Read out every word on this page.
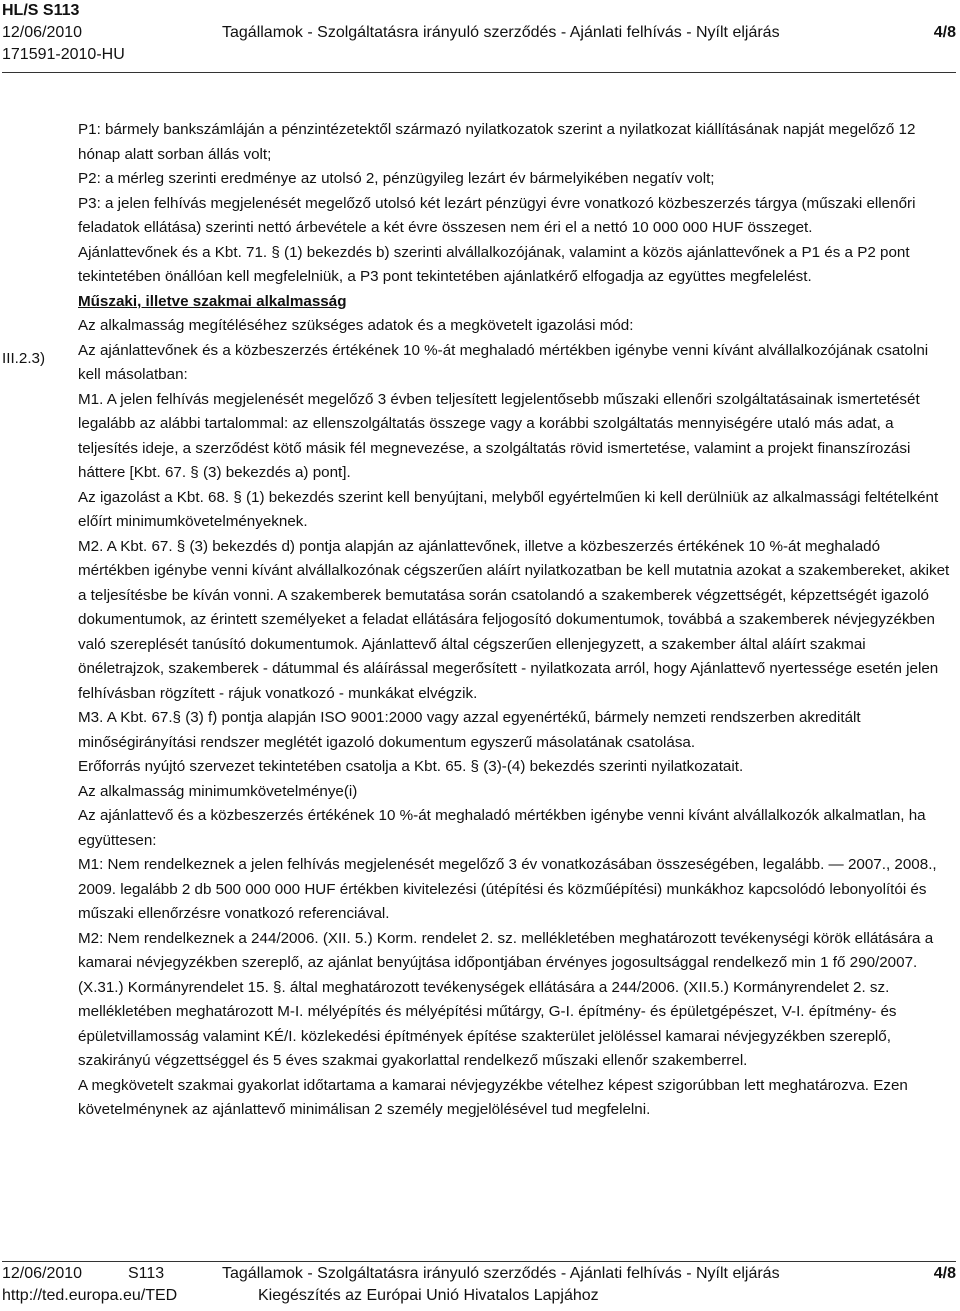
HL/S S113
12/06/2010	Tagállamok - Szolgáltatásra irányuló szerződés - Ajánlati felhívás - Nyílt eljárás	4/8
171591-2010-HU
III.2.3)

P1: bármely bankszámláján a pénzintézetektől származó nyilatkozatok szerint a nyilatkozat kiállításának napját megelőző 12 hónap alatt sorban állás volt;

P2: a mérleg szerinti eredménye az utolsó 2, pénzügyileg lezárt év bármelyikében negatív volt;

P3: a jelen felhívás megjelenését megelőző utolsó két lezárt pénzügyi évre vonatkozó közbeszerzés tárgya (műszaki ellenőri feladatok ellátása) szerinti nettó árbevétele a két évre összesen nem éri el a nettó 10 000 000 HUF összeget.

Ajánlattevőnek és a Kbt. 71. § (1) bekezdés b) szerinti alvállalkozójának, valamint a közös ajánlattevőnek a P1 és a P2 pont tekintetében önállóan kell megfelelniük, a P3 pont tekintetében ajánlatkérő elfogadja az együttes megfelelést.

Műszaki, illetve szakmai alkalmasság

Az alkalmasság megítéléséhez szükséges adatok és a megkövetelt igazolási mód:

Az ajánlattevőnek és a közbeszerzés értékének 10 %-át meghaladó mértékben igénybe venni kívánt alvállalkozójának csatolni kell másolatban:

M1. A jelen felhívás megjelenését megelőző 3 évben teljesített legjelentősebb műszaki ellenőri szolgáltatásainak ismertetését legalább az alábbi tartalommal: az ellenszolgáltatás összege vagy a korábbi szolgáltatás mennyiségére utaló más adat, a teljesítés ideje, a szerződést kötő másik fél megnevezése, a szolgáltatás rövid ismertetése, valamint a projekt finanszírozási háttere [Kbt. 67. § (3) bekezdés a) pont].

Az igazolást a Kbt. 68. § (1) bekezdés szerint kell benyújtani, melyből egyértelműen ki kell derülniük az alkalmassági feltételként előírt minimumkövetelményeknek.

M2. A Kbt. 67. § (3) bekezdés d) pontja alapján az ajánlattevőnek, illetve a közbeszerzés értékének 10 %-át meghaladó mértékben igénybe venni kívánt alvállalkozónak cégszerűen aláírt nyilatkozatban be kell mutatnia azokat a szakembereket, akiket a teljesítésbe be kíván vonni. A szakemberek bemutatása során csatolandó a szakemberek végzettségét, képzettségét igazoló dokumentumok, az érintett személyeket a feladat ellátására feljogosító dokumentumok, továbbá a szakemberek névjegyzékben való szereplését tanúsító dokumentumok. Ajánlattevő által cégszerűen ellenjegyzett, a szakember által aláírt szakmai önéletrajzok, szakemberek - dátummal és aláírással megerősített - nyilatkozata arról, hogy Ajánlattevő nyertessége esetén jelen felhívásban rögzített - rájuk vonatkozó - munkákat elvégzik.

M3. A Kbt. 67.§ (3) f) pontja alapján ISO 9001:2000 vagy azzal egyenértékű, bármely nemzeti rendszerben akreditált minőségirányítási rendszer meglétét igazoló dokumentum egyszerű másolatának csatolása.

Erőforrás nyújtó szervezet tekintetében csatolja a Kbt. 65. § (3)-(4) bekezdés szerinti nyilatkozatait.

Az alkalmasság minimumkövetelménye(i)

Az ajánlattevő és a közbeszerzés értékének 10 %-át meghaladó mértékben igénybe venni kívánt alvállalkozók alkalmatlan, ha együttesen:

M1: Nem rendelkeznek a jelen felhívás megjelenését megelőző 3 év vonatkozásában összeségében, legalább. — 2007., 2008., 2009. legalább 2 db 500 000 000 HUF értékben kivitelezési (útépítési és közműépítési) munkákhoz kapcsolódó lebonyolítói és műszaki ellenőrzésre vonatkozó referenciával.

M2: Nem rendelkeznek a 244/2006. (XII. 5.) Korm. rendelet 2. sz. mellékletében meghatározott tevékenységi körök ellátására a kamarai névjegyzékben szereplő, az ajánlat benyújtása időpontjában érvényes jogosultsággal rendelkező min 1 fő 290/2007. (X.31.) Kormányrendelet 15. §. által meghatározott tevékenységek ellátására a 244/2006. (XII.5.) Kormányrendelet 2. sz. mellékletében meghatározott M-I. mélyépítés és mélyépítési műtárgy, G-I. építmény- és épületgépészet, V-I. építmény- és épületvillamosság valamint KÉ/I. közlekedési építmények építése szakterület jelöléssel kamarai névjegyzékben szereplő, szakirányú végzettséggel és 5 éves szakmai gyakorlattal rendelkező műszaki ellenőr szakemberrel.

A megkövetelt szakmai gyakorlat időtartama a kamarai névjegyzékbe vételhez képest szigorúbban lett meghatározva. Ezen követelménynek az ajánlattevő minimálisan 2 személy megjelölésével tud megfelelni.

12/06/2010	S113	Tagállamok - Szolgáltatásra irányuló szerződés - Ajánlati felhívás - Nyílt eljárás	4/8
http://ted.europa.eu/TED	Kiegészítés az Európai Unió Hivatalos Lapjához
